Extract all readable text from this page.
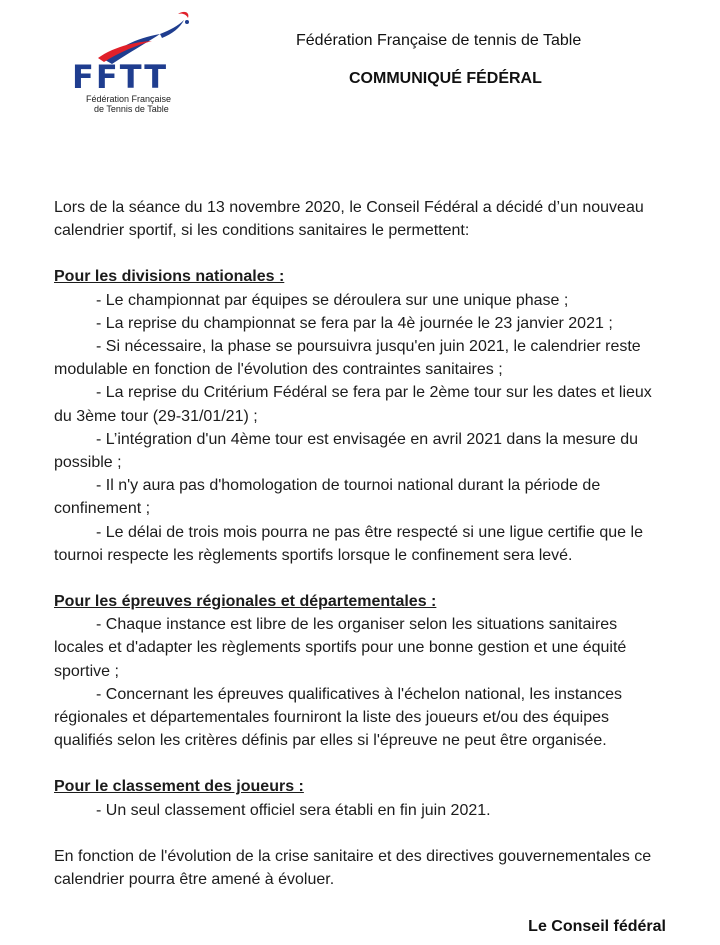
FFTT
Fédération Française
de Tennis de Table
Fédération Française de tennis de Table
COMMUNIQUÉ FÉDÉRAL

Lors de la séance du 13 novembre 2020, le Conseil Fédéral a décidé d’un nouveau calendrier sportif, si les conditions sanitaires le permettent:

Pour les divisions nationales :

- Le championnat par équipes se déroulera sur une unique phase ;

- La reprise du championnat se fera par la 4è journée le 23 janvier 2021 ;

- Si nécessaire, la phase se poursuivra jusqu'en juin 2021, le calendrier reste modulable en fonction de l'évolution des contraintes sanitaires ;

- La reprise du Critérium Fédéral se fera par le 2ème tour sur les dates et lieux du 3ème tour (29-31/01/21) ;

- L’intégration d'un 4ème tour est envisagée en avril 2021 dans la mesure du possible ;

- Il n'y aura pas d'homologation de tournoi national durant la période de confinement ;

- Le délai de trois mois pourra ne pas être respecté si une ligue certifie que le tournoi respecte les règlements sportifs lorsque le confinement sera levé.

Pour les épreuves régionales et départementales :

- Chaque instance est libre de les organiser selon les situations sanitaires locales et d'adapter les règlements sportifs pour une bonne gestion et une équité sportive ;

- Concernant les épreuves qualificatives à l'échelon national, les instances régionales et départementales fourniront la liste des joueurs et/ou des équipes qualifiés selon les critères définis par elles si l'épreuve ne peut être organisée.

Pour le classement des joueurs :

- Un seul classement officiel sera établi en fin juin 2021.

En fonction de l'évolution de la crise sanitaire et des directives gouvernementales ce calendrier pourra être amené à évoluer.

Le Conseil fédéral
